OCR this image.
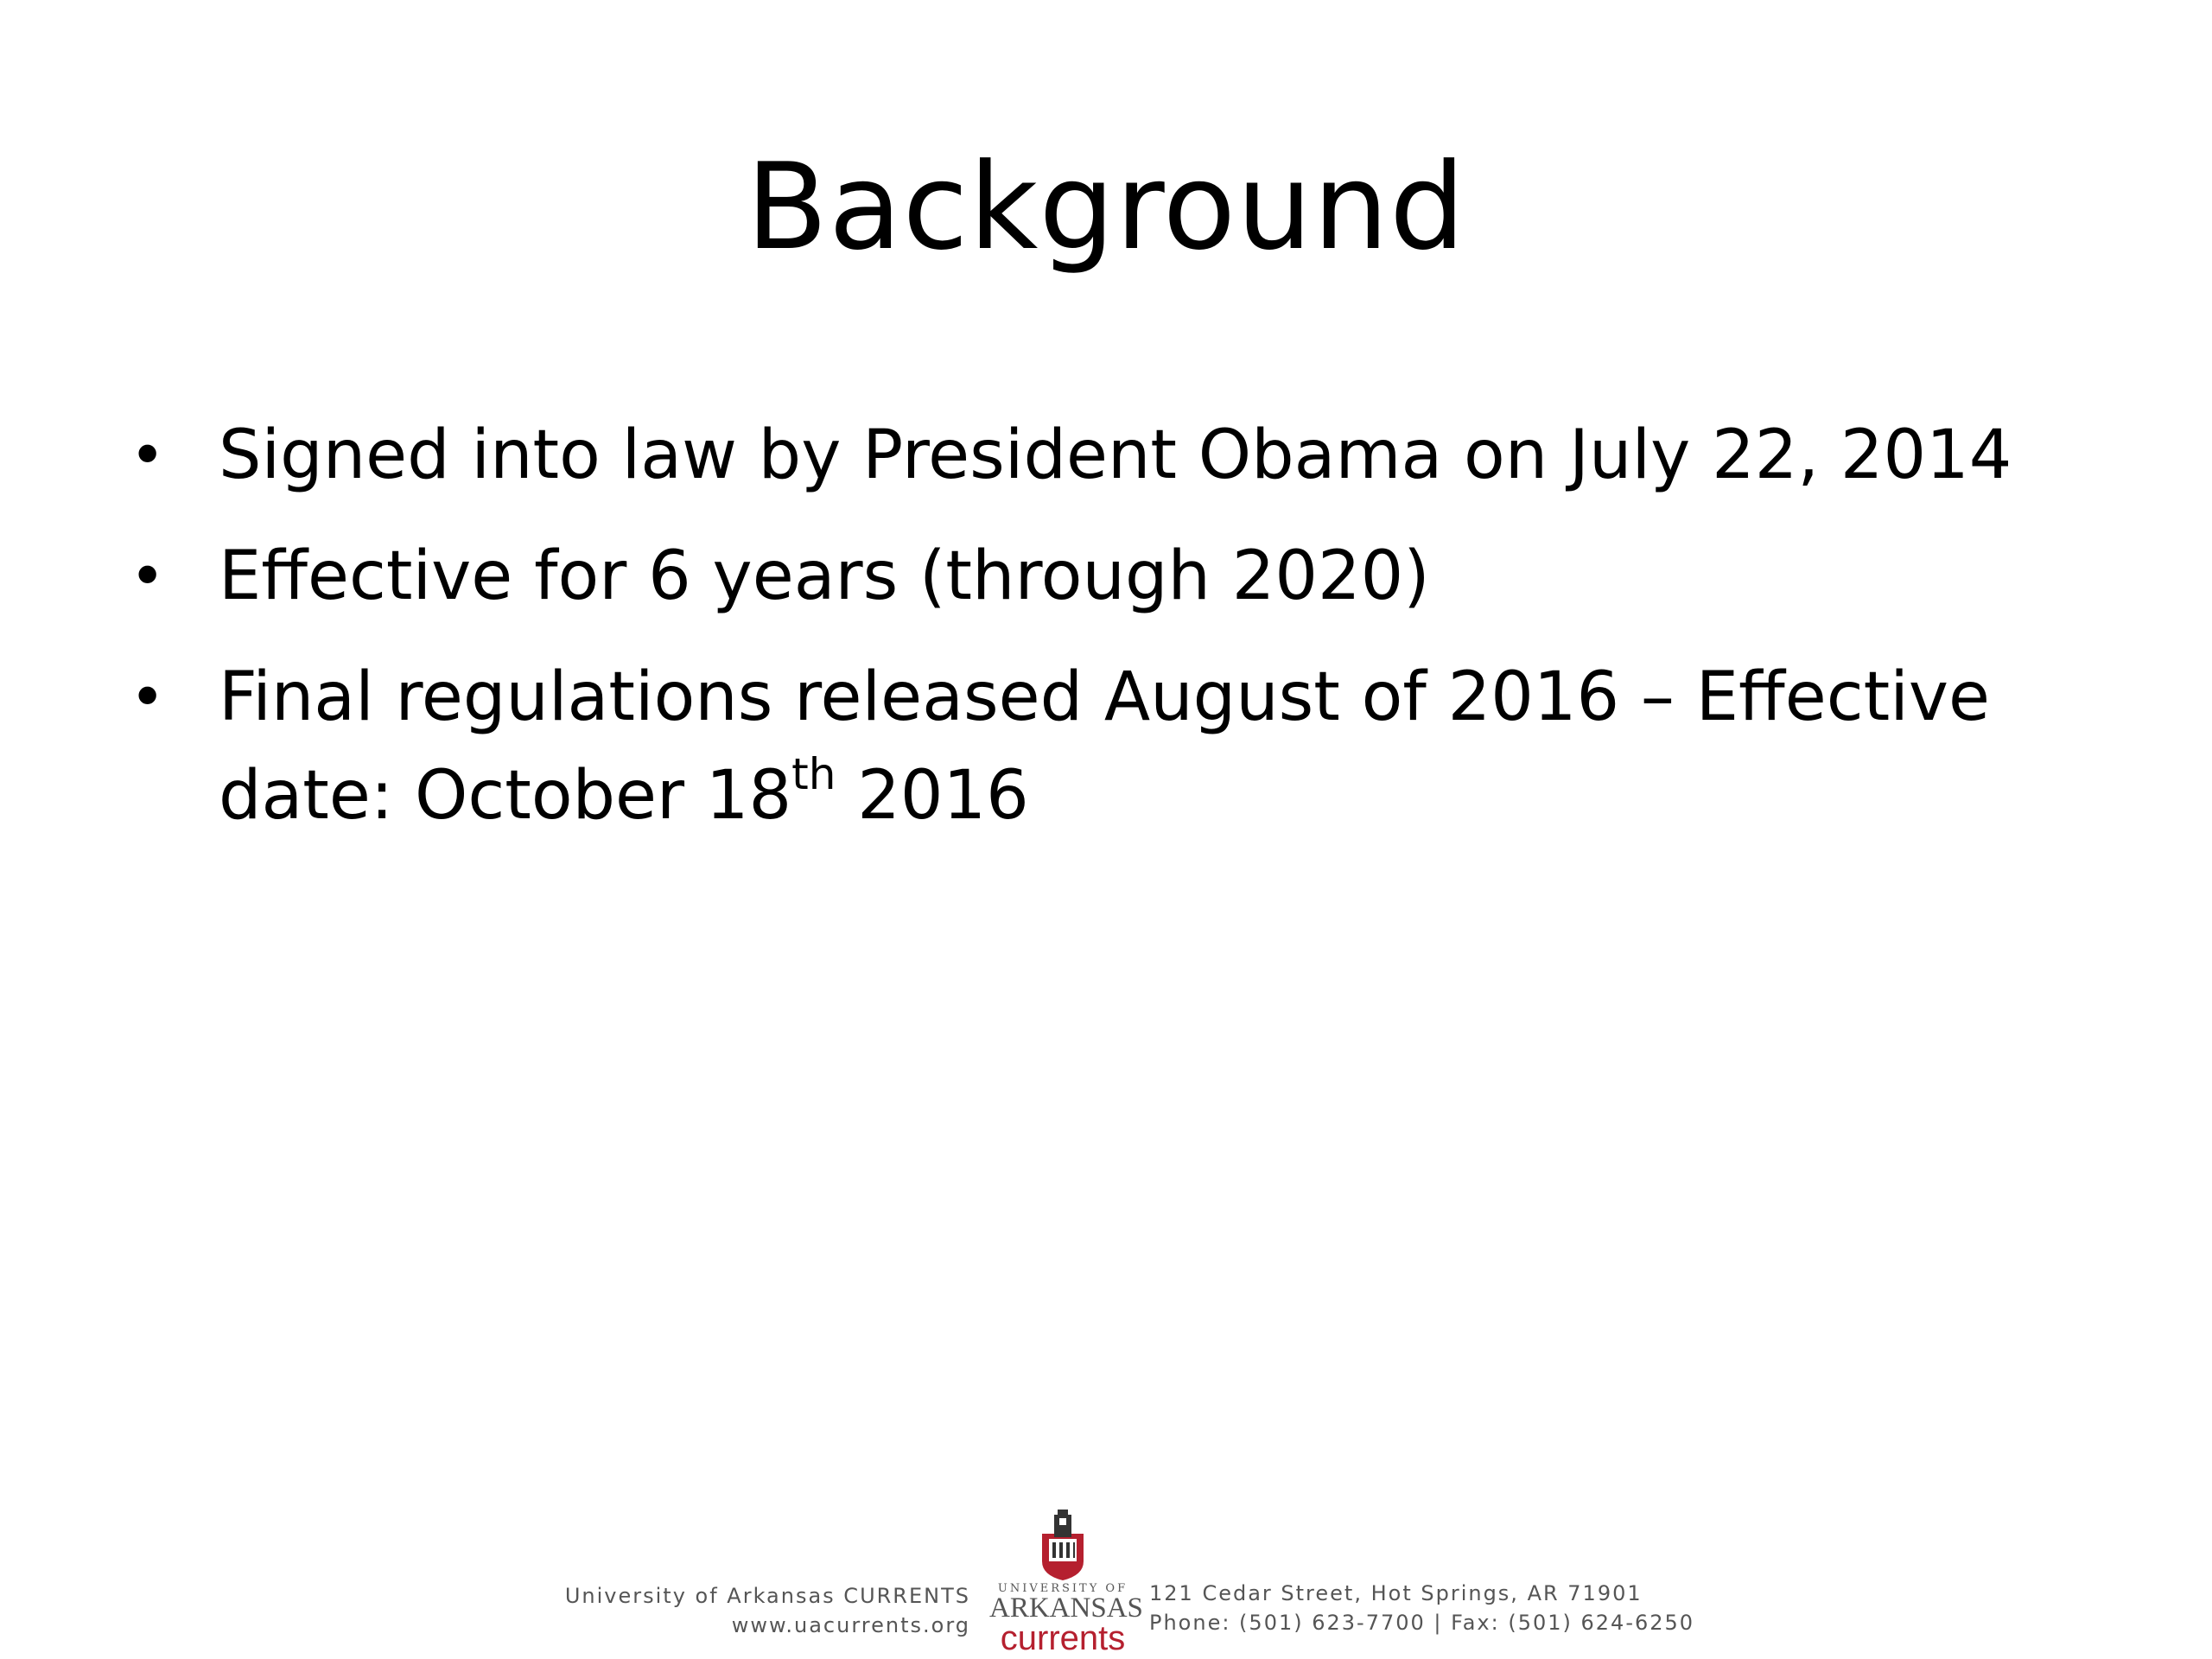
Background
• Signed into law by President Obama on July 22, 2014
• Effective for 6 years (through 2020)
• Final regulations released August of 2016 – Effective date: October 18th 2016
University of Arkansas CURRENTS
www.uacurrents.org
UNIVERSITY OF
ARKANSAS
currents
121 Cedar Street, Hot Springs, AR 71901
Phone: (501) 623-7700 | Fax: (501) 624-6250
